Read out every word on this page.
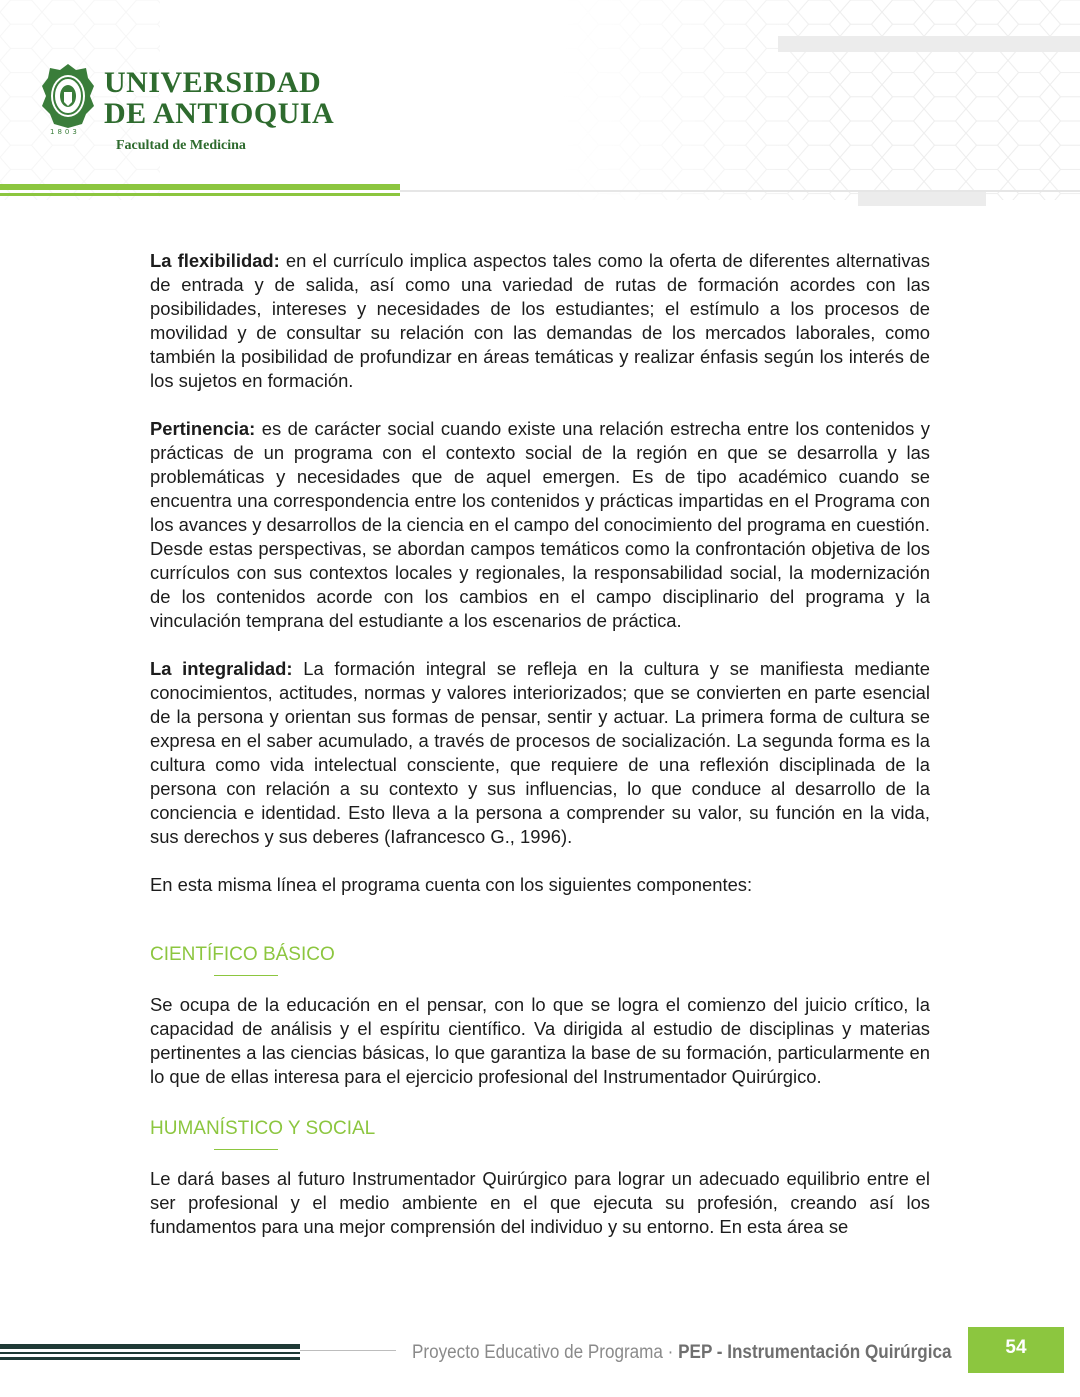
1803
UNIVERSIDAD
DE ANTIOQUIA
Facultad de Medicina

La flexibilidad: en el currículo implica aspectos tales como la oferta de diferentes alternativas de entrada y de salida, así como una variedad de rutas de formación acordes con las posibilidades, intereses y necesidades de los estudiantes; el estímulo a los procesos de movilidad y de consultar su relación con las demandas de los mercados laborales, como también la posibilidad de profundizar en áreas temáticas y realizar énfasis según los interés de los sujetos en formación.

Pertinencia: es de carácter social cuando existe una relación estrecha entre los contenidos y prácticas de un programa con el contexto social de la región en que se desarrolla y las problemáticas y necesidades que de aquel emergen. Es de tipo académico cuando se encuentra una correspondencia entre los contenidos y prácticas impartidas en el Programa con los avances y desarrollos de la ciencia en el campo del conocimiento del programa en cuestión. Desde estas perspectivas, se abordan campos temáticos como la confrontación objetiva de los currículos con sus contextos locales y regionales, la responsabilidad social, la modernización de los contenidos acorde con los cambios en el campo disciplinario del programa y la vinculación temprana del estudiante a los escenarios de práctica.

La integralidad: La formación integral se refleja en la cultura y se manifiesta mediante conocimientos, actitudes, normas y valores interiorizados; que se convierten en parte esencial de la persona y orientan sus formas de pensar, sentir y actuar. La primera forma de cultura se expresa en el saber acumulado, a través de procesos de socialización. La segunda forma es la cultura como vida intelectual consciente, que requiere de una reflexión disciplinada de la persona con relación a su contexto y sus influencias, lo que conduce al desarrollo de la conciencia e identidad. Esto lleva a la persona a comprender su valor, su función en la vida, sus derechos y sus deberes (Iafrancesco G., 1996).

En esta misma línea el programa cuenta con los siguientes componentes:

CIENTÍFICO BÁSICO

Se ocupa de la educación en el pensar, con lo que se logra el comienzo del juicio crítico, la capacidad de análisis y el espíritu científico. Va dirigida al estudio de disciplinas y materias pertinentes a las ciencias básicas, lo que garantiza la base de su formación, particularmente en lo que de ellas interesa para el ejercicio profesional del Instrumentador Quirúrgico.

HUMANÍSTICO Y SOCIAL

Le dará bases al futuro Instrumentador Quirúrgico para lograr un adecuado equilibrio entre el ser profesional y el medio ambiente en el que ejecuta su profesión, creando así los fundamentos para una mejor comprensión del individuo y su entorno. En esta área se

Proyecto Educativo de Programa · PEP - Instrumentación Quirúrgica	54
